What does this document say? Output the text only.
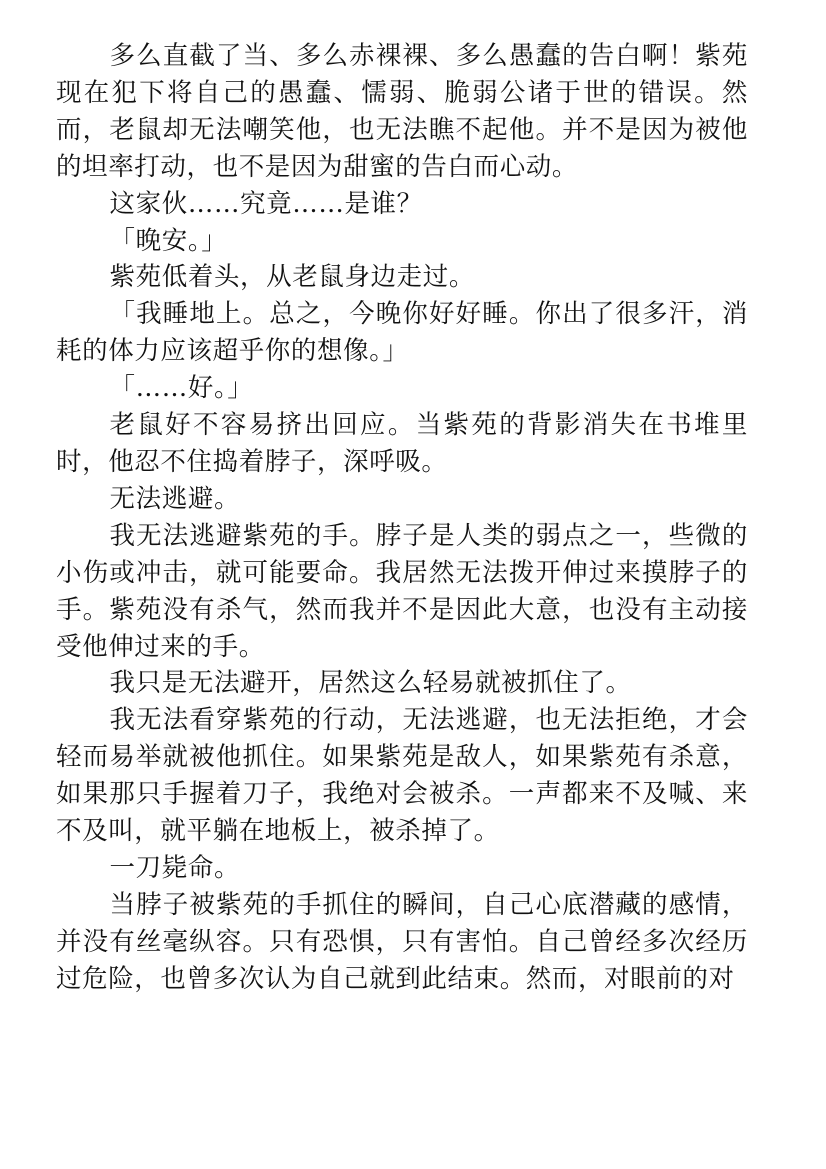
多么直截了当、多么赤裸裸、多么愚蠢的告白啊！紫苑现在犯下将自己的愚蠢、懦弱、脆弱公诸于世的错误。然而，老鼠却无法嘲笑他，也无法瞧不起他。并不是因为被他的坦率打动，也不是因为甜蜜的告白而心动。

这家伙……究竟……是谁？

「晚安。」

紫苑低着头，从老鼠身边走过。

「我睡地上。总之，今晚你好好睡。你出了很多汗，消耗的体力应该超乎你的想像。」

「……好。」

老鼠好不容易挤出回应。当紫苑的背影消失在书堆里时，他忍不住捣着脖子，深呼吸。

无法逃避。

我无法逃避紫苑的手。脖子是人类的弱点之一，些微的小伤或冲击，就可能要命。我居然无法拨开伸过来摸脖子的手。紫苑没有杀气，然而我并不是因此大意，也没有主动接受他伸过来的手。

我只是无法避开，居然这么轻易就被抓住了。

我无法看穿紫苑的行动，无法逃避，也无法拒绝，才会轻而易举就被他抓住。如果紫苑是敌人，如果紫苑有杀意，如果那只手握着刀子，我绝对会被杀。一声都来不及喊、来不及叫，就平躺在地板上，被杀掉了。

一刀毙命。

当脖子被紫苑的手抓住的瞬间，自己心底潜藏的感情，并没有丝毫纵容。只有恐惧，只有害怕。自己曾经多次经历过危险，也曾多次认为自己就到此结束。然而，对眼前的对
